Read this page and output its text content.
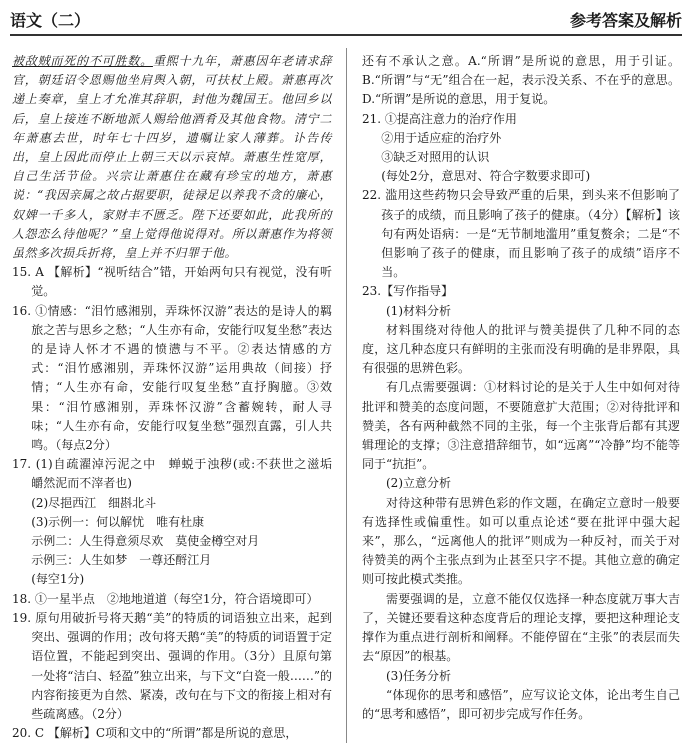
语文（二）	参考答案及解析

被敌贼而死的不可胜数。重熙十九年，萧惠因年老请求辞官，朝廷诏令恩赐他坐肩舆入朝，可扶杖上殿。萧惠再次递上奏章，皇上才允准其辞职，封他为魏国王。他回乡以后，皇上接连不断地派人赐给他酒肴及其他食物。清宁二年萧惠去世，时年七十四岁，遗嘱让家人薄葬。讣告传出，皇上因此而停止上朝三天以示哀悼。萧惠生性宽厚，自己生活节俭。兴宗让萧惠住在藏有珍宝的地方，萧惠说：“我因亲属之故占据要职，徒禄足以养我不贪的廉心，奴婢一千多人，家财丰不匮乏。陛下还要如此，此我所的人怨恋么待他呢？”皇上觉得他说得对。所以萧惠作为将领虽然多次损兵折将，皇上并不归罪于他。

15. A 【解析】“视听结合”错，开始两句只有视觉，没有听觉。

16. ①情感：“泪竹感湘别，弄珠怀汉游”表达的是诗人的羁旅之苦与思乡之愁；“人生亦有命，安能行叹复坐愁”表达的是诗人怀才不遇的愤懑与不平。②表达情感的方式：“泪竹感湘别，弄珠怀汉游”运用典故（间接）抒情；“人生亦有命，安能行叹复坐愁”直抒胸臆。③效果：“泪竹感湘别，弄珠怀汉游”含蓄婉转，耐人寻味；“人生亦有命，安能行叹复坐愁”强烈直露，引人共鸣。（每点2分）

17. (1)自疏濯淖污泥之中　蝉蜕于浊秽(或:不获世之滋垢　皭然泥而不滓者也)

(2)尽挹西江　细斟北斗

(3)示例一：何以解忧　唯有杜康

示例二：人生得意须尽欢　莫使金樽空对月

示例三：人生如梦　一尊还酹江月

(每空1分)

18. ①一星半点　②地地道道（每空1分，符合语境即可）

19. 原句用破折号将天鹅“美”的特质的词语独立出来，起到突出、强调的作用；改句将天鹅“美”的特质的词语置于定语位置，不能起到突出、强调的作用。（3分）且原句第一处将“洁白、轻盈”独立出来，与下文“白瓷一般……”的内容衔接更为自然、紧凑，改句在与下文的衔接上相对有些疏离感。（2分）

20. C 【解析】C项和文中的“所谓”都是所说的意思，

还有不承认之意。A.“所谓”是所说的意思，用于引证。B.“所谓”与“无”组合在一起，表示没关系、不在乎的意思。D.“所谓”是所说的意思，用于复说。

21. ①提高注意力的治疗作用

②用于适应症的治疗外

③缺乏对照用的认识

(每处2分，意思对、符合字数要求即可)

22. 滥用这些药物只会导致严重的后果，到头来不但影响了孩子的成绩，而且影响了孩子的健康。（4分）【解析】该句有两处语病：一是“无节制地滥用”重复赘余；二是“不但影响了孩子的健康，而且影响了孩子的成绩”语序不当。

23.【写作指导】

(1)材料分析

材料围绕对待他人的批评与赞美提供了几种不同的态度，这几种态度只有鲜明的主张而没有明确的是非界限，具有很强的思辨色彩。

有几点需要强调：①材料讨论的是关于人生中如何对待批评和赞美的态度问题，不要随意扩大范围；②对待批评和赞美，各有两种截然不同的主张，每一个主张背后都有其逻辑理论的支撑；③注意措辞细节，如“远离”“冷静”均不能等同于“抗拒”。

(2)立意分析

对待这种带有思辨色彩的作文题，在确定立意时一般要有选择性或偏重性。如可以重点论述“要在批评中强大起来”，那么，“远离他人的批评”则成为一种反衬，而关于对待赞美的两个主张点到为止甚至只字不提。其他立意的确定则可按此模式类推。

需要强调的是，立意不能仅仅选择一种态度就万事大吉了，关键还要看这种态度背后的理论支撑，要把这种理论支撑作为重点进行剖析和阐释。不能停留在“主张”的表层而失去“原因”的根基。

(3)任务分析

“体现你的思考和感悟”，应写议论文体，论出考生自己的“思考和感悟”，即可初步完成写作任务。
